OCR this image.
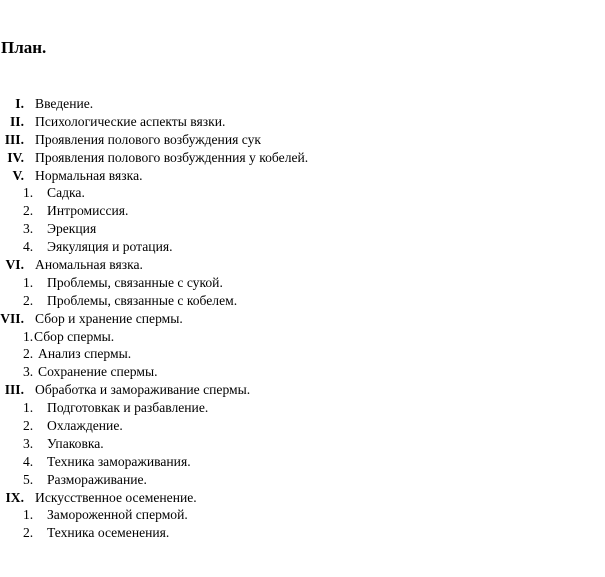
План.
I. Введение.
II. Психологические аспекты вязки.
III. Проявления полового возбуждения сук
IV. Проявления полового возбужденния у кобелей.
V. Нормальная вязка.
1. Садка.
2. Интромиссия.
3. Эрекция
4. Эякуляция и ротация.
VI. Аномальная вязка.
1. Проблемы, связанные с сукой.
2. Проблемы, связанные с кобелем.
VII. Сбор и хранение спермы.
1. Сбор спермы.
2. Анализ спермы.
3. Сохранение спермы.
III. Обработка и замораживание спермы.
1. Подготовкак и разбавление.
2. Охлаждение.
3. Упаковка.
4. Техника замораживания.
5. Размораживание.
IX. Искусственное осеменение.
1. Замороженной спермой.
2. Техника осеменения.
